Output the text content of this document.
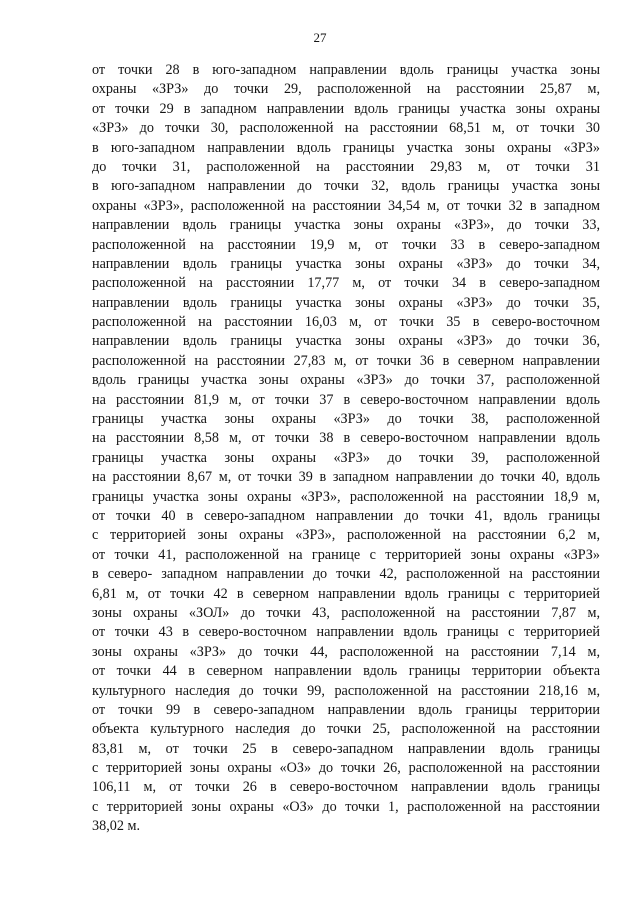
27
от точки 28 в юго-западном направлении вдоль границы участка зоны
охраны «ЗРЗ» до точки 29, расположенной на расстоянии 25,87 м,
от точки 29 в западном направлении вдоль границы участка зоны охраны
«ЗРЗ» до точки 30, расположенной на расстоянии 68,51 м, от точки 30
в юго-западном направлении вдоль границы участка зоны охраны «ЗРЗ»
до точки 31, расположенной на расстоянии 29,83 м, от точки 31
в юго-западном направлении до точки 32, вдоль границы участка зоны
охраны «ЗРЗ», расположенной на расстоянии 34,54 м, от точки 32 в западном
направлении вдоль границы участка зоны охраны «ЗРЗ», до точки 33,
расположенной на расстоянии 19,9 м, от точки 33 в северо-западном
направлении вдоль границы участка зоны охраны «ЗРЗ» до точки 34,
расположенной на расстоянии 17,77 м, от точки 34 в северо-западном
направлении вдоль границы участка зоны охраны «ЗРЗ» до точки 35,
расположенной на расстоянии 16,03 м, от точки 35 в северо-восточном
направлении вдоль границы участка зоны охраны «ЗРЗ» до точки 36,
расположенной на расстоянии 27,83 м, от точки 36 в северном направлении
вдоль границы участка зоны охраны «ЗРЗ» до точки 37, расположенной
на расстоянии 81,9 м, от точки 37 в северо-восточном направлении вдоль
границы участка зоны охраны «ЗРЗ» до точки 38, расположенной
на расстоянии 8,58 м, от точки 38 в северо-восточном направлении вдоль
границы участка зоны охраны «ЗРЗ» до точки 39, расположенной
на расстоянии 8,67 м, от точки 39 в западном направлении до точки 40, вдоль
границы участка зоны охраны «ЗРЗ», расположенной на расстоянии 18,9 м,
от точки 40 в северо-западном направлении до точки 41, вдоль границы
с территорией зоны охраны «ЗРЗ», расположенной на расстоянии 6,2 м,
от точки 41, расположенной на границе с территорией зоны охраны «ЗРЗ»
в северо- западном направлении до точки 42, расположенной на расстоянии
6,81 м, от точки 42 в северном направлении вдоль границы с территорией
зоны охраны «ЗОЛ» до точки 43, расположенной на расстоянии 7,87 м,
от точки 43 в северо-восточном направлении вдоль границы с территорией
зоны охраны «ЗРЗ» до точки 44, расположенной на расстоянии 7,14 м,
от точки 44 в северном направлении вдоль границы территории объекта
культурного наследия до точки 99, расположенной на расстоянии 218,16 м,
от точки 99 в северо-западном направлении вдоль границы территории
объекта культурного наследия до точки 25, расположенной на расстоянии
83,81 м, от точки 25 в северо-западном направлении вдоль границы
с территорией зоны охраны «ОЗ» до точки 26, расположенной на расстоянии
106,11 м, от точки 26 в северо-восточном направлении вдоль границы
с территорией зоны охраны «ОЗ» до точки 1, расположенной на расстоянии
38,02 м.
